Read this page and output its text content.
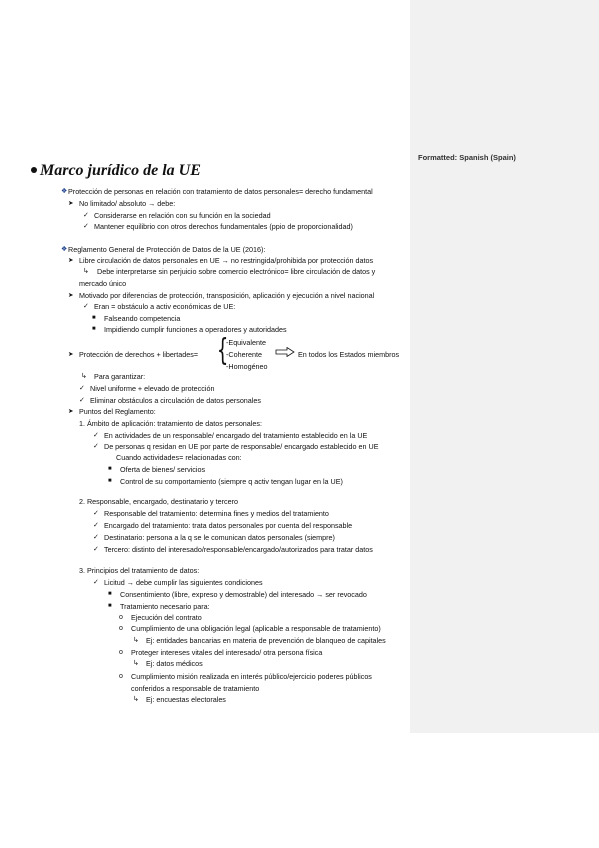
Formatted: Spanish (Spain)
Marco jurídico de la UE
❖ Protección de personas en relación con tratamiento de datos personales= derecho fundamental
➤ No limitado/ absoluto → debe:
✓ Considerarse en relación con su función en la sociedad
✓ Mantener equilibrio con otros derechos fundamentales (ppio de proporcionalidad)
❖ Reglamento General de Protección de Datos de la UE (2016):
➤ Libre circulación de datos personales en UE → no restringida/prohibida por protección datos
↳ Debe interpretarse sin perjuicio sobre comercio electrónico= libre circulación de datos y
mercado único
➤ Motivado por diferencias de protección, transposición, aplicación y ejecución a nivel nacional
✓ Eran = obstáculo a activ económicas de UE:
■ Falseando competencia
■ Impidiendo cumplir funciones a operadores y autoridades
➤ Protección de derechos + libertades= {
-Equivalente
-Coherente
-Homogéneo
En todos los Estados miembros
↳ Para garantizar:
✓ Nivel uniforme + elevado de protección
✓ Eliminar obstáculos a circulación de datos personales
➤ Puntos del Reglamento:
1. Ámbito de aplicación: tratamiento de datos personales:
✓ En actividades de un responsable/ encargado del tratamiento establecido en la UE
✓ De personas q residan en UE por parte de responsable/ encargado establecido en UE
Cuando actividades= relacionadas con:
■ Oferta de bienes/ servicios
■ Control de su comportamiento (siempre q activ tengan lugar en la UE)
2. Responsable, encargado, destinatario y tercero
✓ Responsable del tratamiento: determina fines y medios del tratamiento
✓ Encargado del tratamiento: trata datos personales por cuenta del responsable
✓ Destinatario: persona a la q se le comunican datos personales (siempre)
✓ Tercero: distinto del interesado/responsable/encargado/autorizados para tratar datos
3. Principios del tratamiento de datos:
✓ Licitud → debe cumplir las siguientes condiciones
■ Consentimiento (libre, expreso y demostrable) del interesado → ser revocado
■ Tratamiento necesario para:
o Ejecución del contrato
o Cumplimiento de una obligación legal (aplicable a responsable de tratamiento)
↳ Ej: entidades bancarias en materia de prevención de blanqueo de capitales
o Proteger intereses vitales del interesado/ otra persona física
↳ Ej: datos médicos
o Cumplimiento misión realizada en interés público/ejercicio poderes públicos
conferidos a responsable de tratamiento
↳ Ej: encuestas electorales
